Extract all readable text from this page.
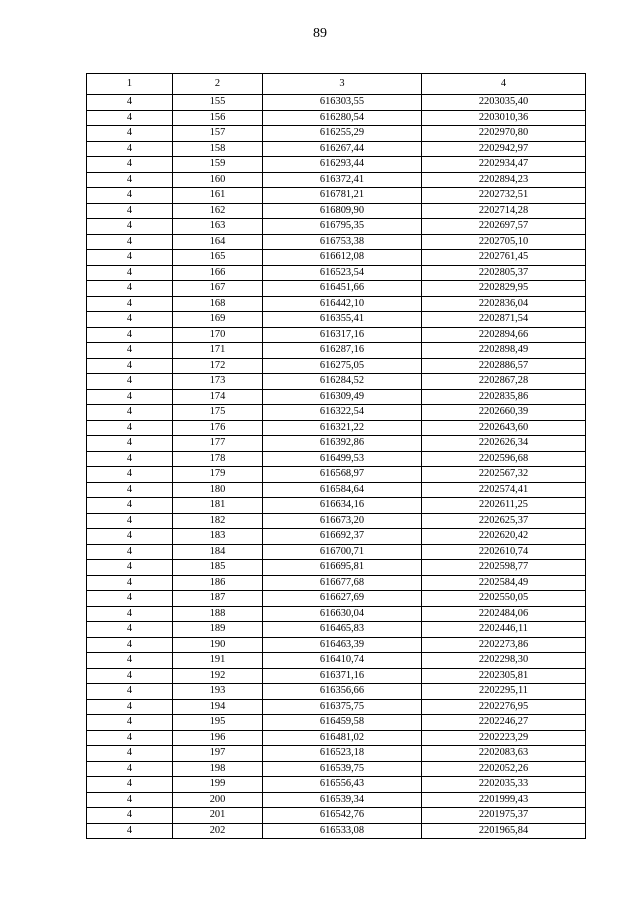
89
1	2	3	4
4	155	616303,55	2203035,40
4	156	616280,54	2203010,36
4	157	616255,29	2202970,80
4	158	616267,44	2202942,97
4	159	616293,44	2202934,47
4	160	616372,41	2202894,23
4	161	616781,21	2202732,51
4	162	616809,90	2202714,28
4	163	616795,35	2202697,57
4	164	616753,38	2202705,10
4	165	616612,08	2202761,45
4	166	616523,54	2202805,37
4	167	616451,66	2202829,95
4	168	616442,10	2202836,04
4	169	616355,41	2202871,54
4	170	616317,16	2202894,66
4	171	616287,16	2202898,49
4	172	616275,05	2202886,57
4	173	616284,52	2202867,28
4	174	616309,49	2202835,86
4	175	616322,54	2202660,39
4	176	616321,22	2202643,60
4	177	616392,86	2202626,34
4	178	616499,53	2202596,68
4	179	616568,97	2202567,32
4	180	616584,64	2202574,41
4	181	616634,16	2202611,25
4	182	616673,20	2202625,37
4	183	616692,37	2202620,42
4	184	616700,71	2202610,74
4	185	616695,81	2202598,77
4	186	616677,68	2202584,49
4	187	616627,69	2202550,05
4	188	616630,04	2202484,06
4	189	616465,83	2202446,11
4	190	616463,39	2202273,86
4	191	616410,74	2202298,30
4	192	616371,16	2202305,81
4	193	616356,66	2202295,11
4	194	616375,75	2202276,95
4	195	616459,58	2202246,27
4	196	616481,02	2202223,29
4	197	616523,18	2202083,63
4	198	616539,75	2202052,26
4	199	616556,43	2202035,33
4	200	616539,34	2201999,43
4	201	616542,76	2201975,37
4	202	616533,08	2201965,84
